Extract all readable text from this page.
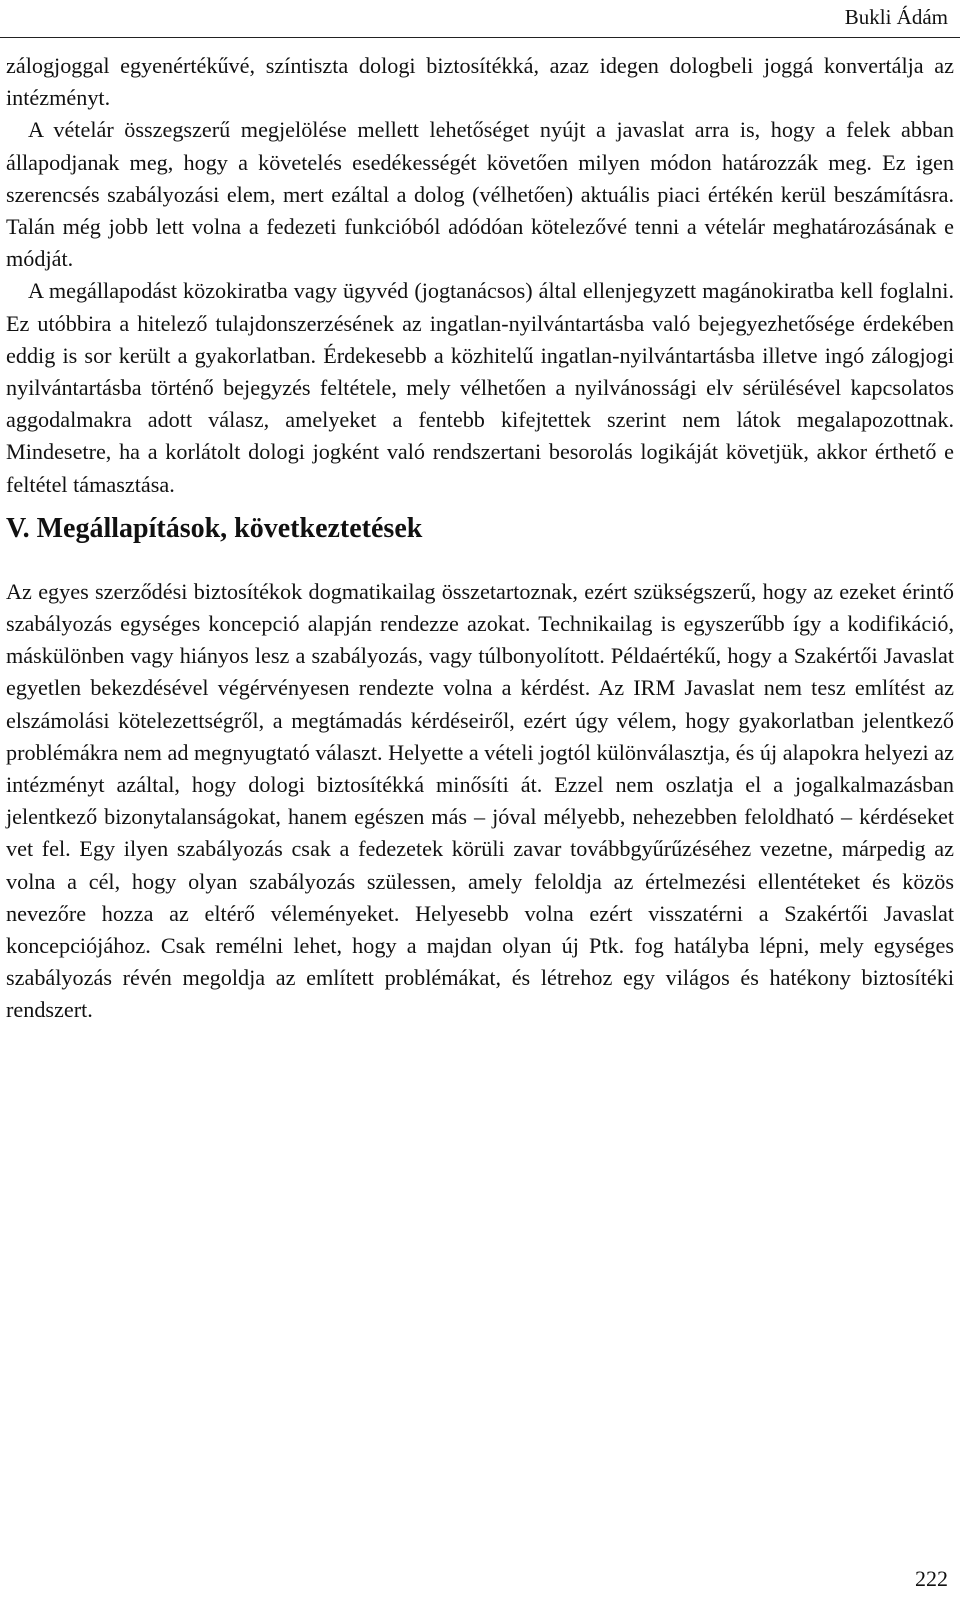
Bukli Ádám

zálogjoggal egyenértékűvé, színtiszta dologi biztosítékká, azaz idegen dologbeli joggá konvertálja az intézményt.

A vételár összegszerű megjelölése mellett lehetőséget nyújt a javaslat arra is, hogy a felek abban állapodjanak meg, hogy a követelés esedékességét követően milyen módon határozzák meg. Ez igen szerencsés szabályozási elem, mert ezáltal a dolog (vélhetően) aktuális piaci értékén kerül beszámításra. Talán még jobb lett volna a fedezeti funkcióból adódóan kötelezővé tenni a vételár meghatározásának e módját.

A megállapodást közokiratba vagy ügyvéd (jogtanácsos) által ellenjegyzett magánokiratba kell foglalni. Ez utóbbira a hitelező tulajdonszerzésének az ingatlan-nyilvántartásba való bejegyezhetősége érdekében eddig is sor került a gyakorlatban. Érdekesebb a közhitelű ingatlan-nyilvántartásba illetve ingó zálogjogi nyilvántartásba történő bejegyzés feltétele, mely vélhetően a nyilvánossági elv sérülésével kapcsolatos aggodalmakra adott válasz, amelyeket a fentebb kifejtettek szerint nem látok megalapozottnak. Mindesetre, ha a korlátolt dologi jogként való rendszertani besorolás logikáját követjük, akkor érthető e feltétel támasztása.

V. Megállapítások, következtetések

Az egyes szerződési biztosítékok dogmatikailag összetartoznak, ezért szükségszerű, hogy az ezeket érintő szabályozás egységes koncepció alapján rendezze azokat. Technikailag is egyszerűbb így a kodifikáció, máskülönben vagy hiányos lesz a szabályozás, vagy túlbonyolított. Példaértékű, hogy a Szakértői Javaslat egyetlen bekezdésével végérvényesen rendezte volna a kérdést. Az IRM Javaslat nem tesz említést az elszámolási kötelezettségről, a megtámadás kérdéseiről, ezért úgy vélem, hogy gyakorlatban jelentkező problémákra nem ad megnyugtató választ. Helyette a vételi jogtól különválasztja, és új alapokra helyezi az intézményt azáltal, hogy dologi biztosítékká minősíti át. Ezzel nem oszlatja el a jogalkalmazásban jelentkező bizonytalanságokat, hanem egészen más – jóval mélyebb, nehezebben feloldható – kérdéseket vet fel. Egy ilyen szabályozás csak a fedezetek körüli zavar továbbgyűrűzéséhez vezetne, márpedig az volna a cél, hogy olyan szabályozás szülessen, amely feloldja az értelmezési ellentéteket és közös nevezőre hozza az eltérő véleményeket. Helyesebb volna ezért visszatérni a Szakértői Javaslat koncepciójához. Csak remélni lehet, hogy a majdan olyan új Ptk. fog hatályba lépni, mely egységes szabályozás révén megoldja az említett problémákat, és létrehoz egy világos és hatékony biztosítéki rendszert.

222
